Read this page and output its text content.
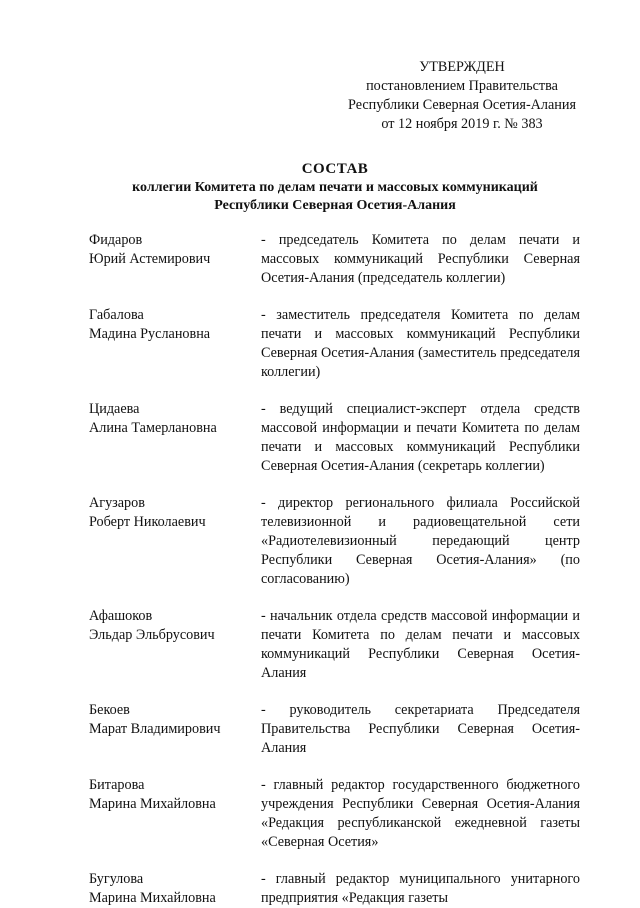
УТВЕРЖДЕН
постановлением Правительства
Республики Северная Осетия-Алания
от 12 ноября 2019 г. № 383
СОСТАВ
коллегии Комитета по делам печати и массовых коммуникаций
Республики Северная Осетия-Алания
Фидаров
Юрий Астемирович
- председатель Комитета по делам печати и массовых коммуникаций Республики Северная Осетия-Алания (председатель коллегии)
Габалова
Мадина Руслановна
- заместитель председателя Комитета по делам печати и массовых коммуникаций Республики Северная Осетия-Алания (заместитель председателя коллегии)
Цидаева
Алина Тамерлановна
- ведущий специалист-эксперт отдела средств массовой информации и печати Комитета по делам печати и массовых коммуникаций Республики Северная Осетия-Алания (секретарь коллегии)
Агузаров
Роберт Николаевич
- директор регионального филиала Российской телевизионной и радиовещательной сети «Радиотелевизионный передающий центр Республики Северная Осетия-Алания» (по согласованию)
Афашоков
Эльдар Эльбрусович
- начальник отдела средств массовой информации и печати Комитета по делам печати и массовых коммуникаций Республики Северная Осетия-Алания
Бекоев
Марат Владимирович
- руководитель секретариата Председателя Правительства Республики Северная Осетия-Алания
Битарова
Марина Михайловна
- главный редактор государственного бюджетного учреждения Республики Северная Осетия-Алания «Редакция республиканской ежедневной газеты «Северная Осетия»
Бугулова
Марина Михайловна
- главный редактор муниципального унитарного предприятия «Редакция газеты
